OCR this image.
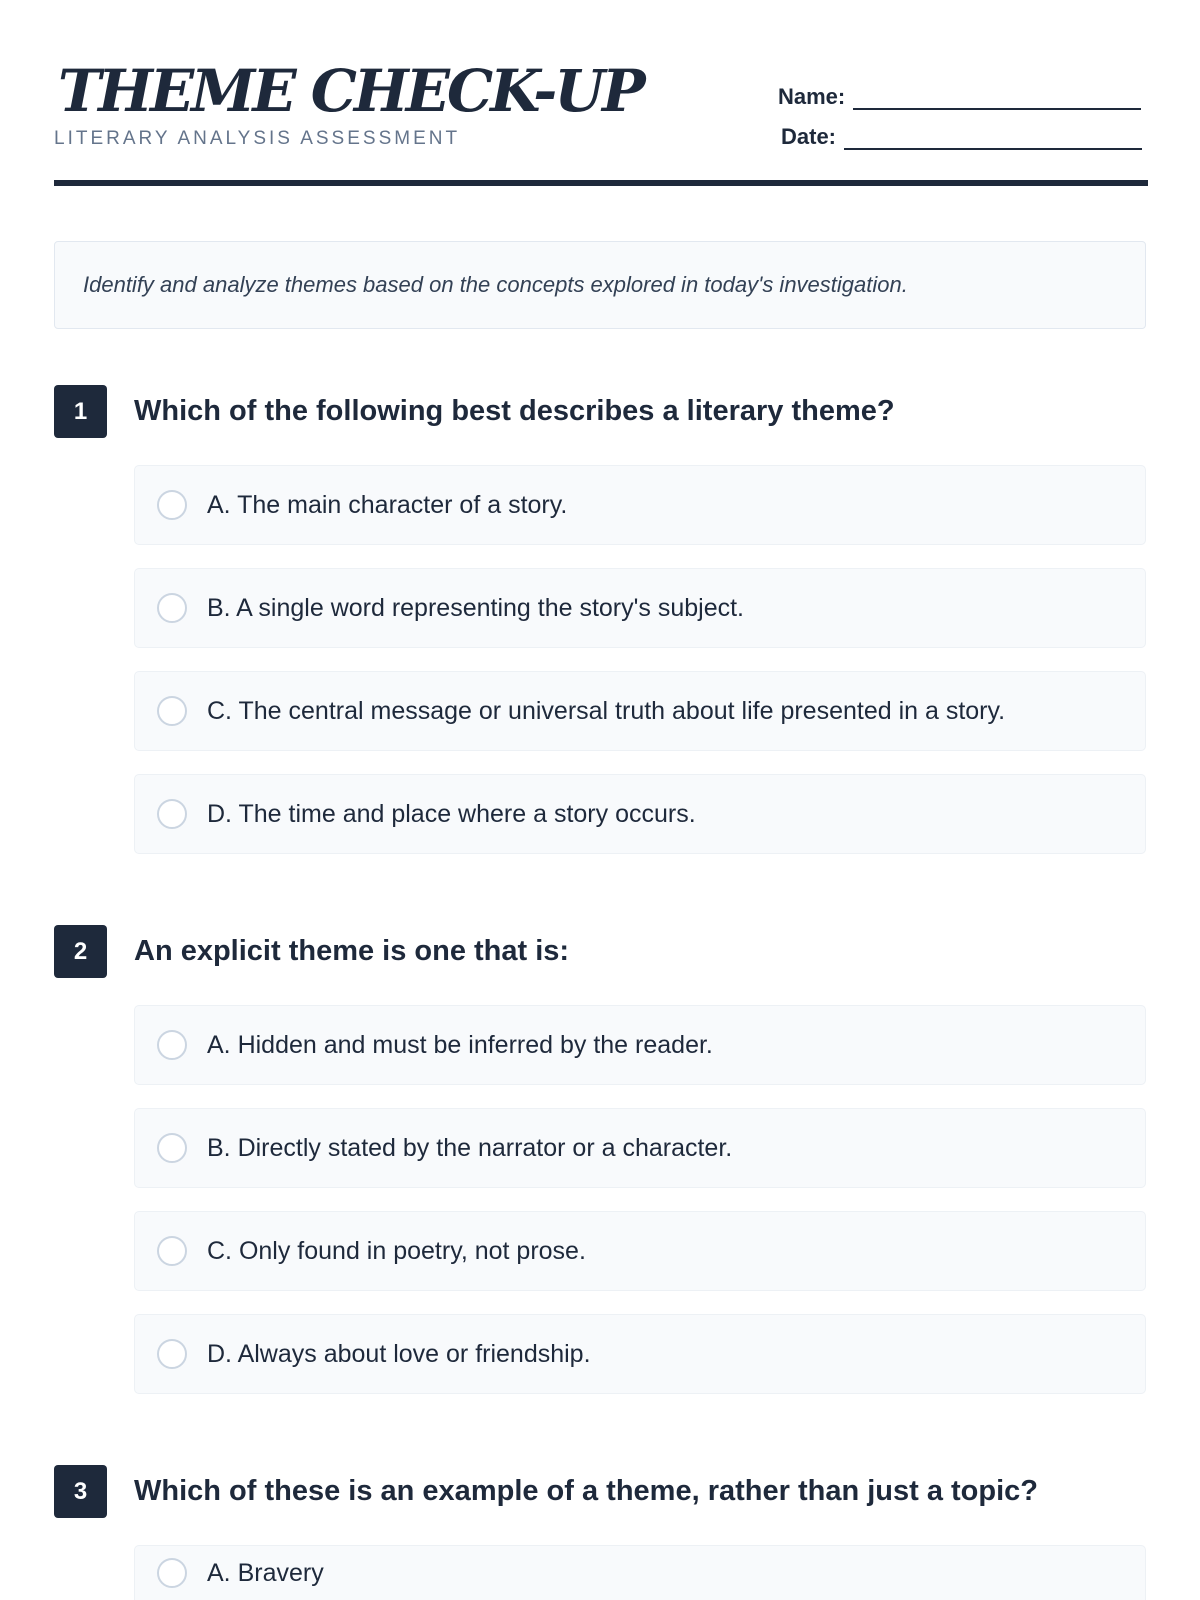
THEME CHECK-UP
LITERARY ANALYSIS ASSESSMENT
Name:
Date:
Identify and analyze themes based on the concepts explored in today's investigation.
1	Which of the following best describes a literary theme?
A. The main character of a story.
B. A single word representing the story's subject.
C. The central message or universal truth about life presented in a story.
D. The time and place where a story occurs.
2	An explicit theme is one that is:
A. Hidden and must be inferred by the reader.
B. Directly stated by the narrator or a character.
C. Only found in poetry, not prose.
D. Always about love or friendship.
3	Which of these is an example of a theme, rather than just a topic?
A. Bravery
